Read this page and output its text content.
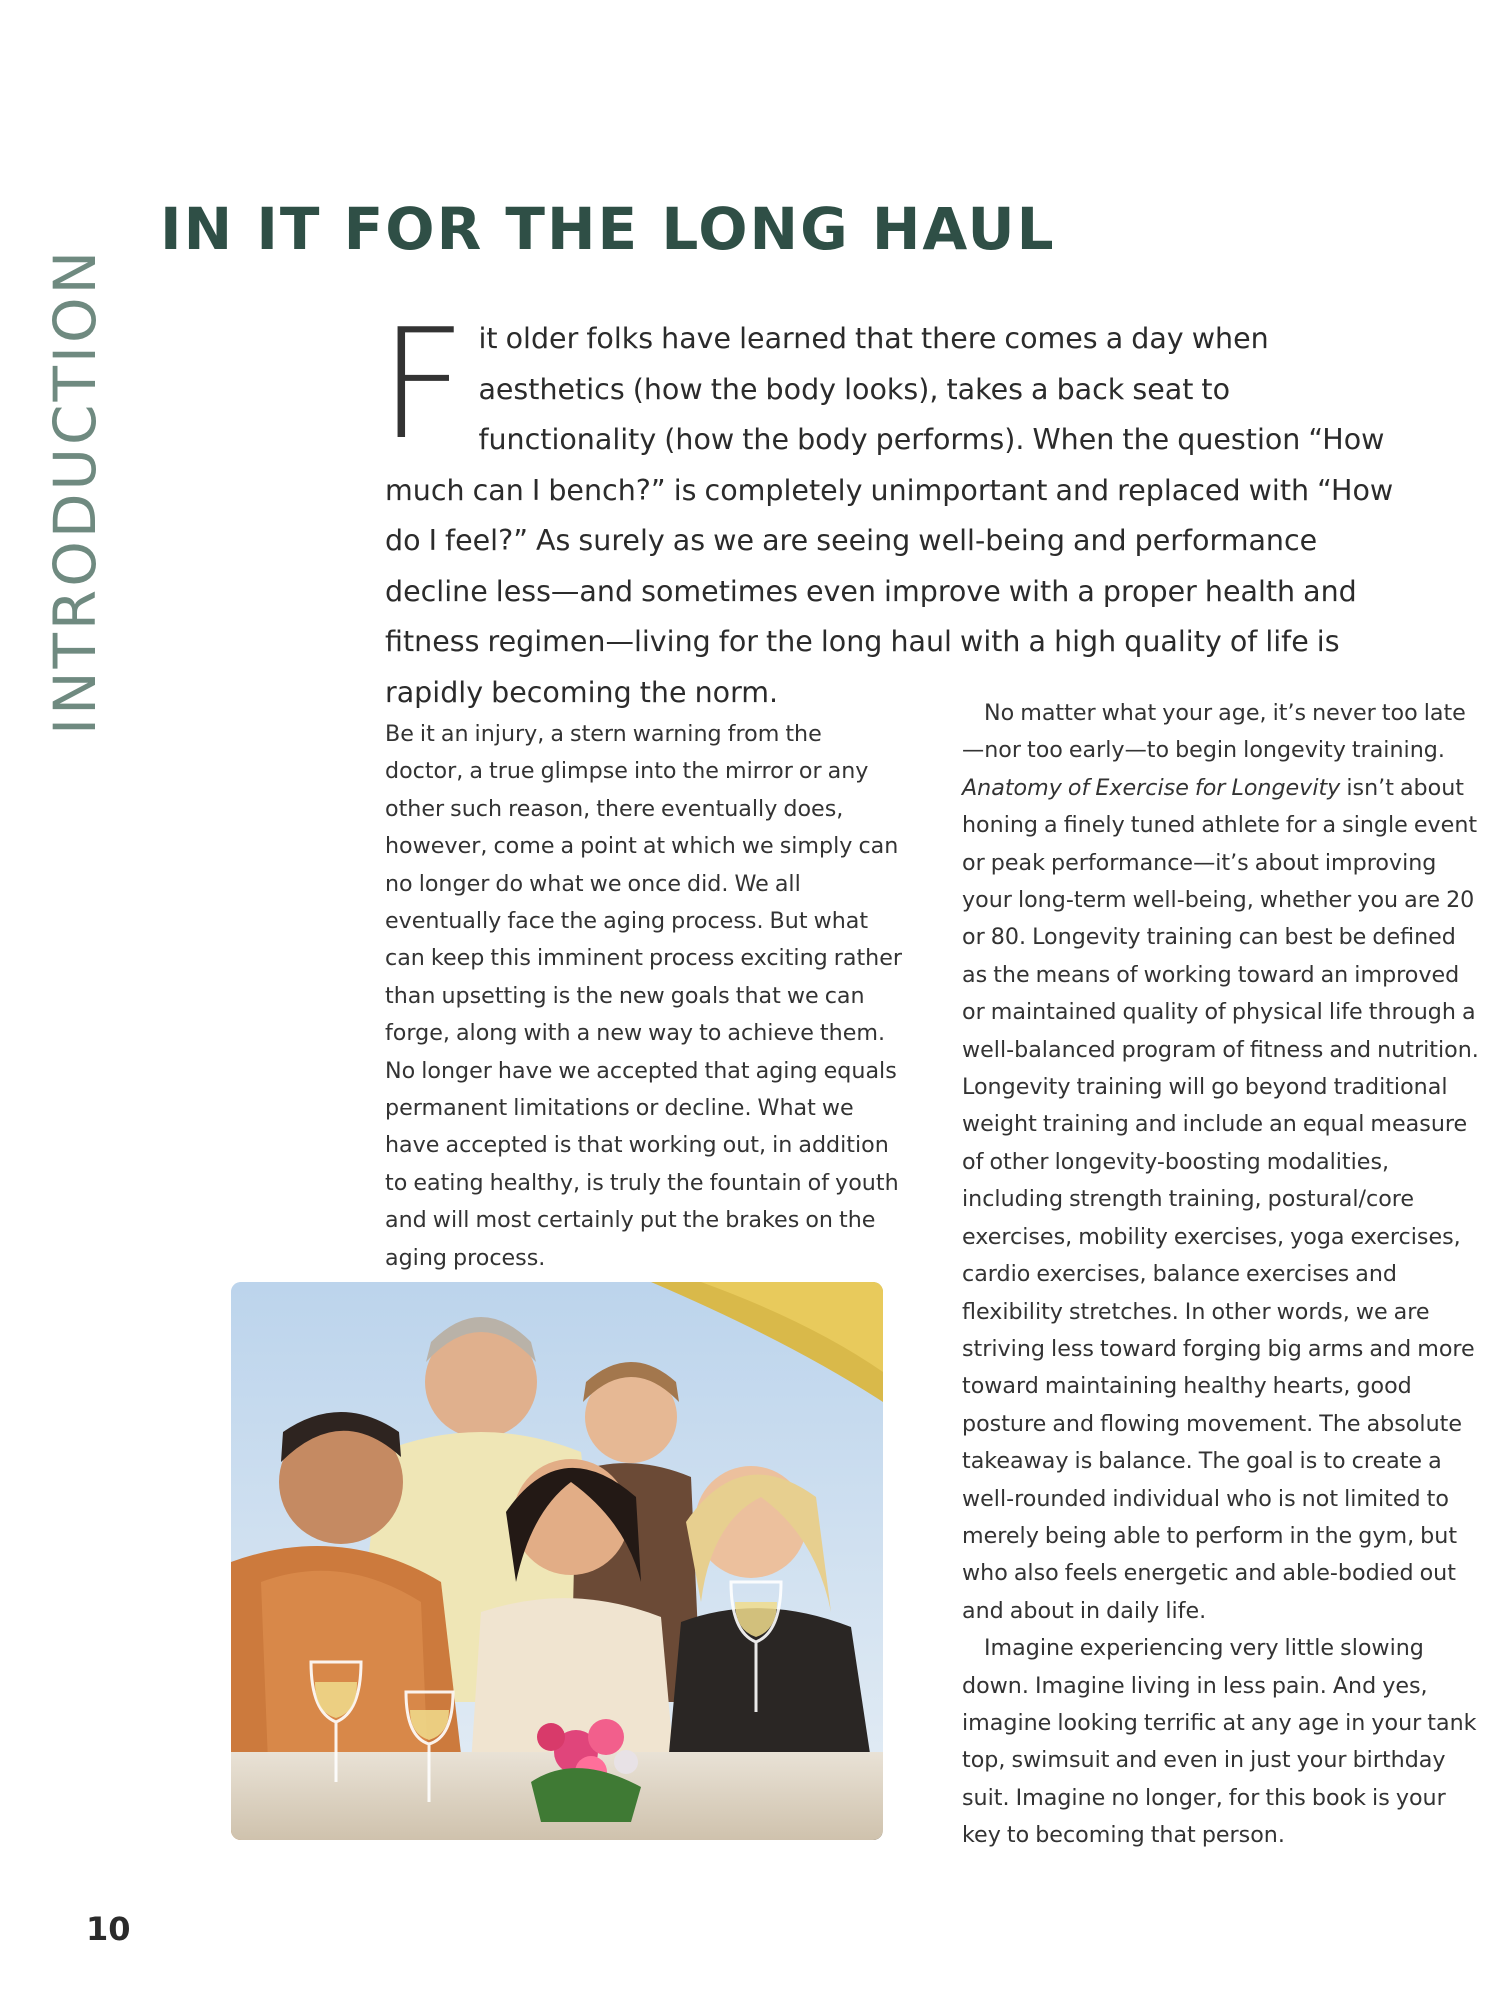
IN IT FOR THE LONG HAUL
INTRODUCTION Fit older folks have learned that there comes a day when aesthetics (how the body looks), takes a back seat to functionality (how the body performs). When the question “How much can I bench?” is completely unimportant and replaced with “How do I feel?” As surely as we are seeing well-being and performance decline less—and sometimes even improve with a proper health and fitness regimen—living for the long haul with a high quality of life is rapidly becoming the norm.

Be it an injury, a stern warning from the doctor, a true glimpse into the mirror or any other such reason, there eventually does, however, come a point at which we simply can no longer do what we once did. We all eventually face the aging process. But what can keep this imminent process exciting rather than upsetting is the new goals that we can forge, along with a new way to achieve them. No longer have we accepted that aging equals permanent limitations or decline. What we have accepted is that working out, in addition to eating healthy, is truly the fountain of youth and will most certainly put the brakes on the aging process.

No matter what your age, it’s never too late—nor too early—to begin longevity training. Anatomy of Exercise for Longevity isn’t about honing a finely tuned athlete for a single event or peak performance—it’s about improving your long-term well-being, whether you are 20 or 80. Longevity training can best be defined as the means of working toward an improved or maintained quality of physical life through a well-balanced program of fitness and nutrition. Longevity training will go beyond traditional weight training and include an equal measure of other longevity-boosting modalities, including strength training, postural/core exercises, mobility exercises, yoga exercises, cardio exercises, balance exercises and flexibility stretches. In other words, we are striving less toward forging big arms and more toward maintaining healthy hearts, good posture and flowing movement. The absolute takeaway is balance. The goal is to create a well-rounded individual who is not limited to merely being able to perform in the gym, but who also feels energetic and able-bodied out and about in daily life.

Imagine experiencing very little slowing down. Imagine living in less pain. And yes, imagine looking terrific at any age in your tank top, swimsuit and even in just your birthday suit. Imagine no longer, for this book is your key to becoming that person.

10
